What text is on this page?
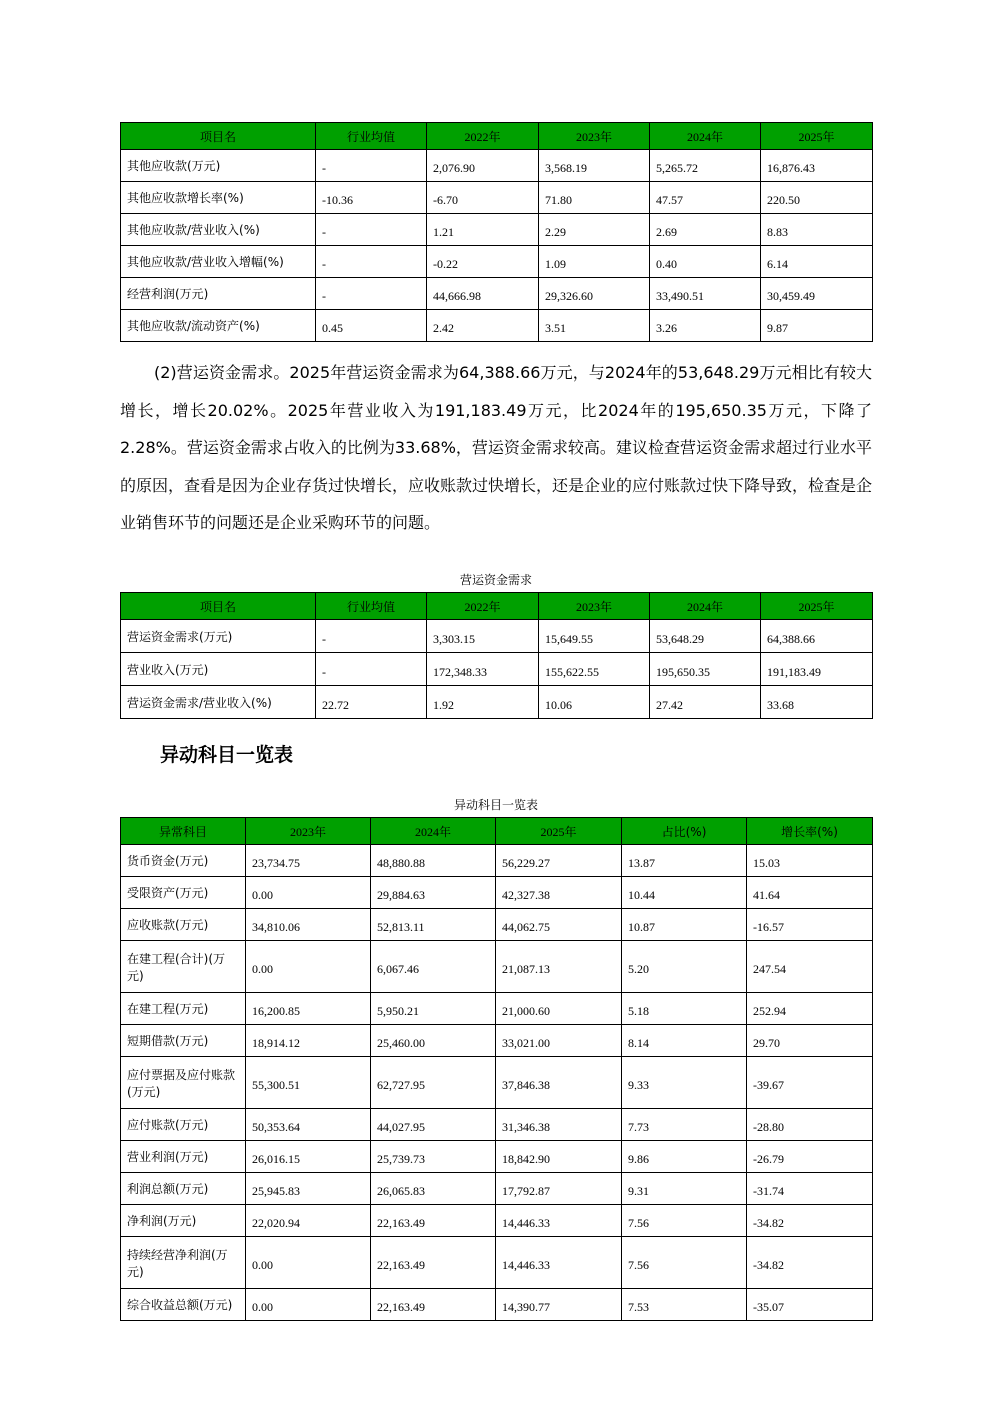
项目名	行业均值	2022年	2023年	2024年	2025年
其他应收款(万元)	-	2,076.90	3,568.19	5,265.72	16,876.43
其他应收款增长率(%)	-10.36	-6.70	71.80	47.57	220.50
其他应收款/营业收入(%)	-	1.21	2.29	2.69	8.83
其他应收款/营业收入增幅(%)	-	-0.22	1.09	0.40	6.14
经营利润(万元)	-	44,666.98	29,326.60	33,490.51	30,459.49
其他应收款/流动资产(%)	0.45	2.42	3.51	3.26	9.87

(2)营运资金需求。2025年营运资金需求为64,388.66万元，与2024年的53,648.29万元相比有较大增长，增长20.02%。2025年营业收入为191,183.49万元，比2024年的195,650.35万元，下降了2.28%。营运资金需求占收入的比例为33.68%，营运资金需求较高。建议检查营运资金需求超过行业水平的原因，查看是因为企业存货过快增长，应收账款过快增长，还是企业的应付账款过快下降导致，检查是企业销售环节的问题还是企业采购环节的问题。

营运资金需求
项目名	行业均值	2022年	2023年	2024年	2025年
营运资金需求(万元)	-	3,303.15	15,649.55	53,648.29	64,388.66
营业收入(万元)	-	172,348.33	155,622.55	195,650.35	191,183.49
营运资金需求/营业收入(%)	22.72	1.92	10.06	27.42	33.68
异动科目一览表
异动科目一览表
异常科目	2023年	2024年	2025年	占比(%)	增长率(%)
货币资金(万元)	23,734.75	48,880.88	56,229.27	13.87	15.03
受限资产(万元)	0.00	29,884.63	42,327.38	10.44	41.64
应收账款(万元)	34,810.06	52,813.11	44,062.75	10.87	-16.57
在建工程(合计)(万元)	0.00	6,067.46	21,087.13	5.20	247.54
在建工程(万元)	16,200.85	5,950.21	21,000.60	5.18	252.94
短期借款(万元)	18,914.12	25,460.00	33,021.00	8.14	29.70
应付票据及应付账款(万元)	55,300.51	62,727.95	37,846.38	9.33	-39.67
应付账款(万元)	50,353.64	44,027.95	31,346.38	7.73	-28.80
营业利润(万元)	26,016.15	25,739.73	18,842.90	9.86	-26.79
利润总额(万元)	25,945.83	26,065.83	17,792.87	9.31	-31.74
净利润(万元)	22,020.94	22,163.49	14,446.33	7.56	-34.82
持续经营净利润(万元)	0.00	22,163.49	14,446.33	7.56	-34.82
综合收益总额(万元)	0.00	22,163.49	14,390.77	7.53	-35.07
